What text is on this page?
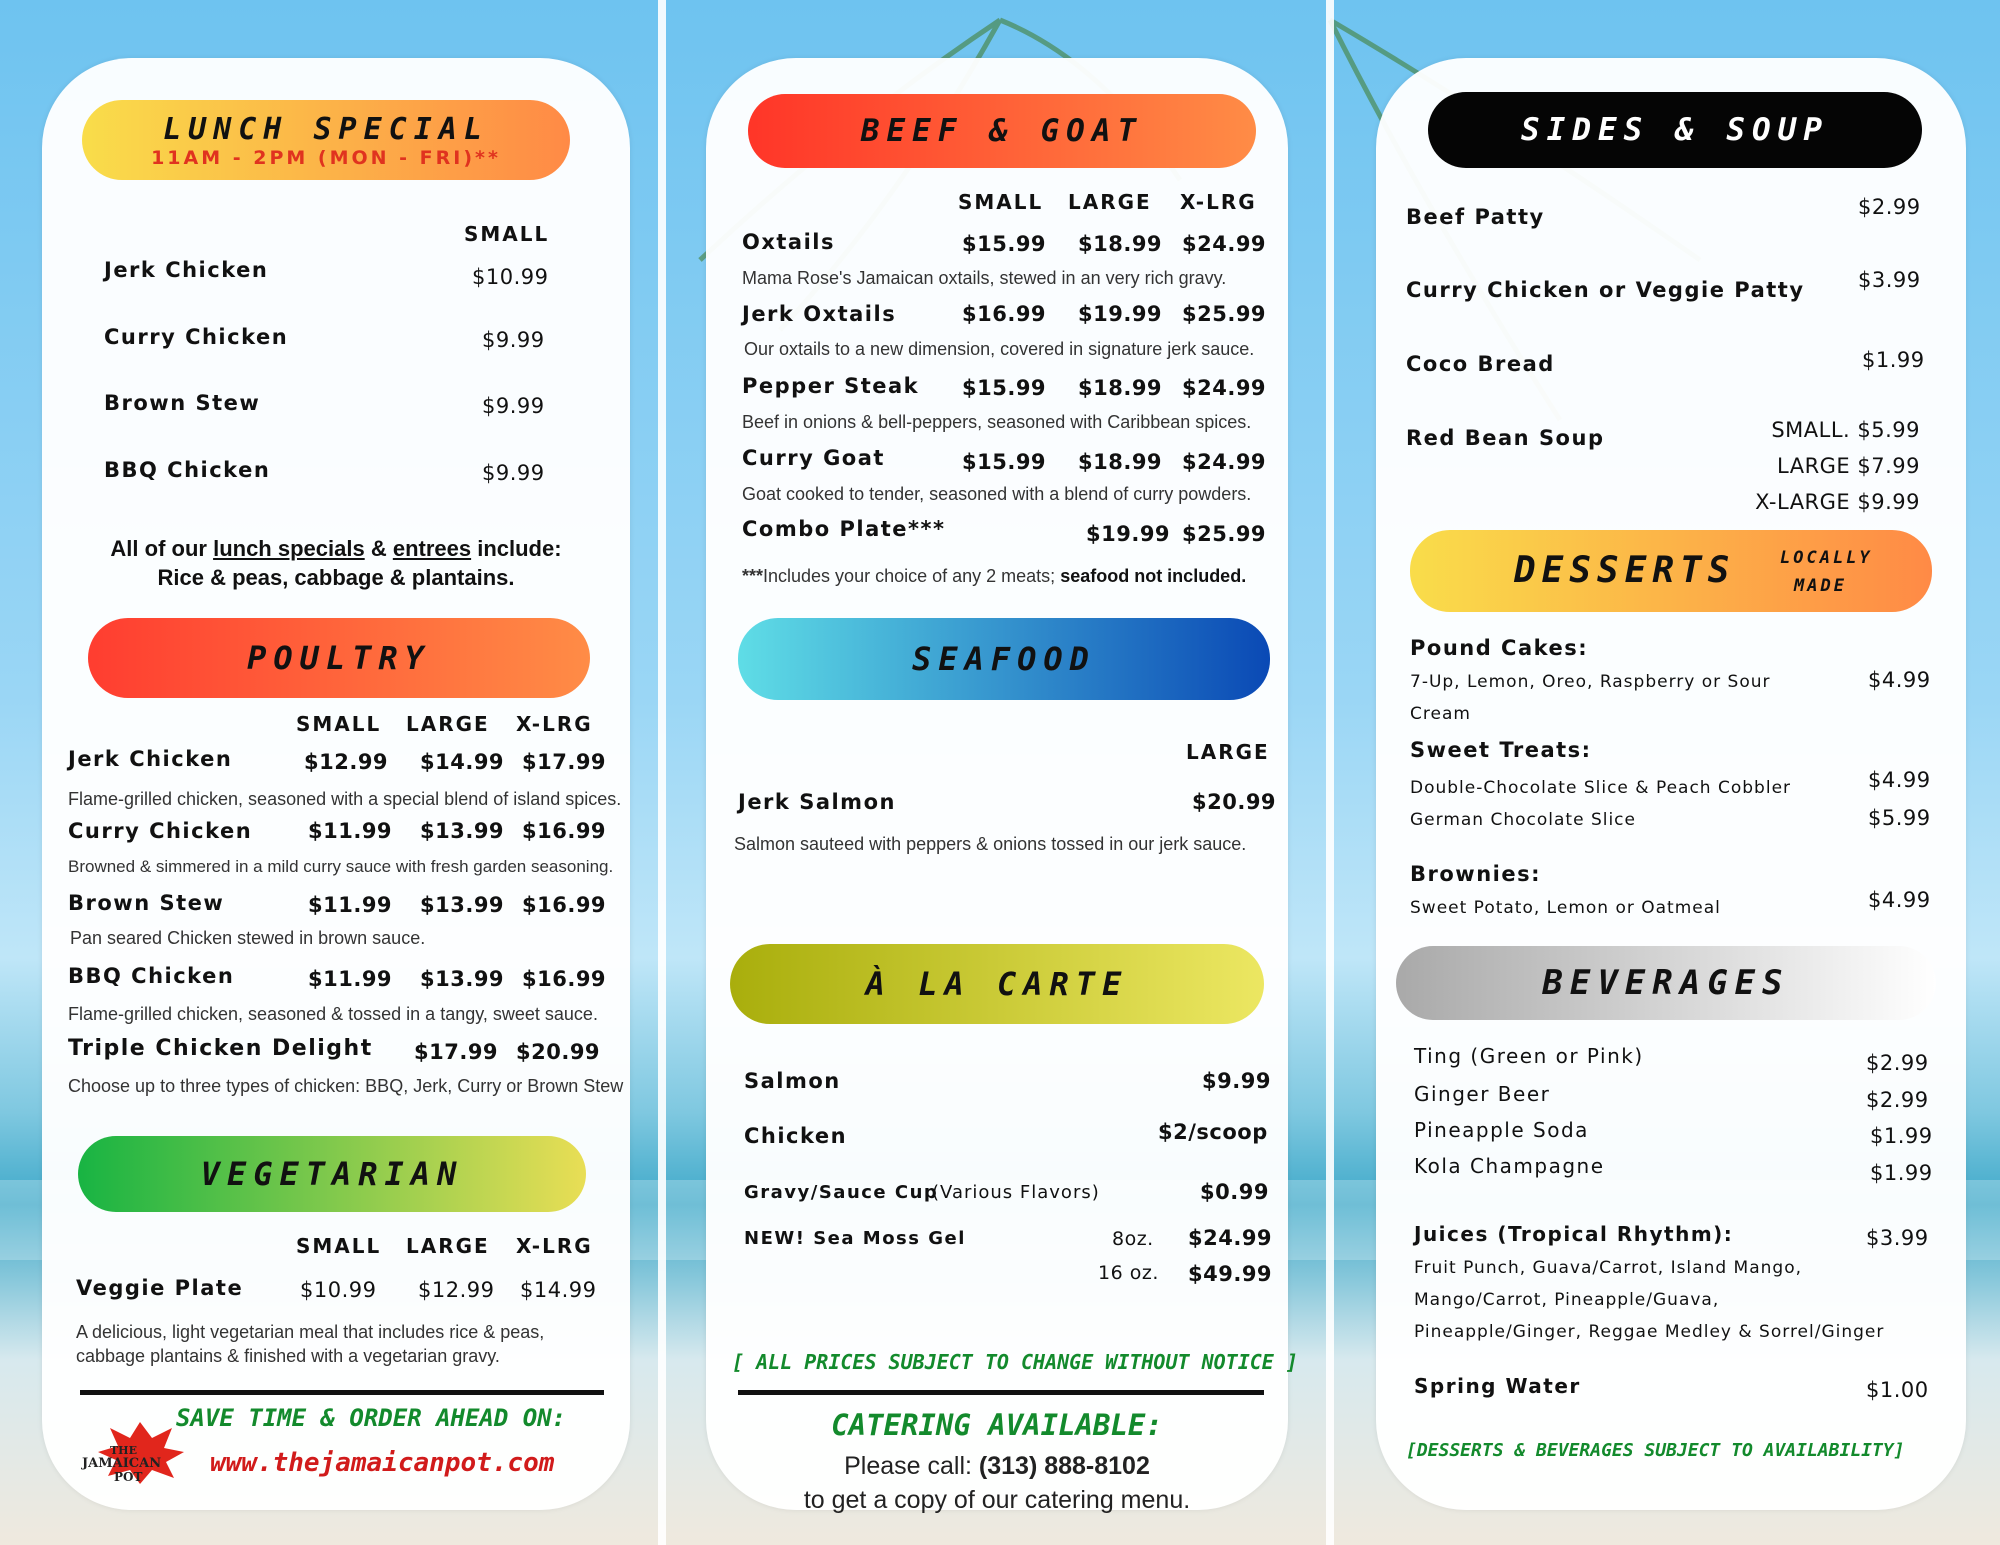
LUNCH SPECIAL
11AM - 2PM (MON - FRI)**
SMALL
Jerk Chicken	$10.99
Curry Chicken	$9.99
Brown Stew	$9.99
BBQ Chicken	$9.99
All of our lunch specials & entrees include:
Rice & peas, cabbage & plantains.
POULTRY
SMALL LARGE X-LRG
Jerk Chicken	$12.99 $14.99 $17.99
Flame-grilled chicken, seasoned with a special blend of island spices.
Curry Chicken	$11.99 $13.99 $16.99
Browned & simmered in a mild curry sauce with fresh garden seasoning.
Brown Stew	$11.99 $13.99 $16.99
Pan seared Chicken stewed in brown sauce.
BBQ Chicken	$11.99 $13.99 $16.99
Flame-grilled chicken, seasoned & tossed in a tangy, sweet sauce.
Triple Chicken Delight $17.99 $20.99
Choose up to three types of chicken: BBQ, Jerk, Curry or Brown Stew
VEGETARIAN
SMALL LARGE X-LRG
Veggie Plate	$10.99 $12.99 $14.99
A delicious, light vegetarian meal that includes rice & peas,
cabbage plantains & finished with a vegetarian gravy.
THE
JAMAICAN
POT
SAVE TIME & ORDER AHEAD ON:
www.thejamaicanpot.com
BEEF & GOAT
SMALL LARGE X-LRG
Oxtails	$15.99 $18.99 $24.99
Mama Rose's Jamaican oxtails, stewed in an very rich gravy.
Jerk Oxtails	$16.99 $19.99 $25.99
Our oxtails to a new dimension, covered in signature jerk sauce.
Pepper Steak $15.99 $18.99 $24.99
Beef in onions & bell-peppers, seasoned with Caribbean spices.
Curry Goat	$15.99 $18.99 $24.99
Goat cooked to tender, seasoned with a blend of curry powders.
Combo Plate***	$19.99 $25.99
***Includes your choice of any 2 meats; seafood not included.
SEAFOOD
LARGE
Jerk Salmon	$20.99
Salmon sauteed with peppers & onions tossed in our jerk sauce.
À LA CARTE
Salmon	$9.99
Chicken	$2/scoop
Gravy/Sauce Cup
(Various Flavors)	$0.99
NEW! Sea Moss Gel	8oz. $24.99
16 oz. $49.99
[ ALL PRICES SUBJECT TO CHANGE WITHOUT NOTICE ]
CATERING AVAILABLE:
Please call: (313) 888-8102
to get a copy of our catering menu.
SIDES & SOUP
Beef Patty	$2.99
Curry Chicken or Veggie Patty	$3.99
Coco Bread	$1.99
Red Bean Soup	SMALL. $5.99
LARGE $7.99
X-LARGE $9.99
DESSERTS	LOCALLY
MADE
Pound Cakes:
7-Up, Lemon, Oreo, Raspberry or Sour
Cream
$4.99
Sweet Treats:
Double-Chocolate Slice & Peach Cobbler	$4.99
German Chocolate Slice	$5.99
Brownies:
Sweet Potato, Lemon or Oatmeal	$4.99
BEVERAGES
Ting (Green or Pink)	$2.99
Ginger Beer	$2.99
Pineapple Soda	$1.99
Kola Champagne	$1.99
Juices (Tropical Rhythm):	$3.99
Fruit Punch, Guava/Carrot, Island Mango,
Mango/Carrot, Pineapple/Guava,
Pineapple/Ginger, Reggae Medley & Sorrel/Ginger
Spring Water	$1.00
[DESSERTS & BEVERAGES SUBJECT TO AVAILABILITY]
